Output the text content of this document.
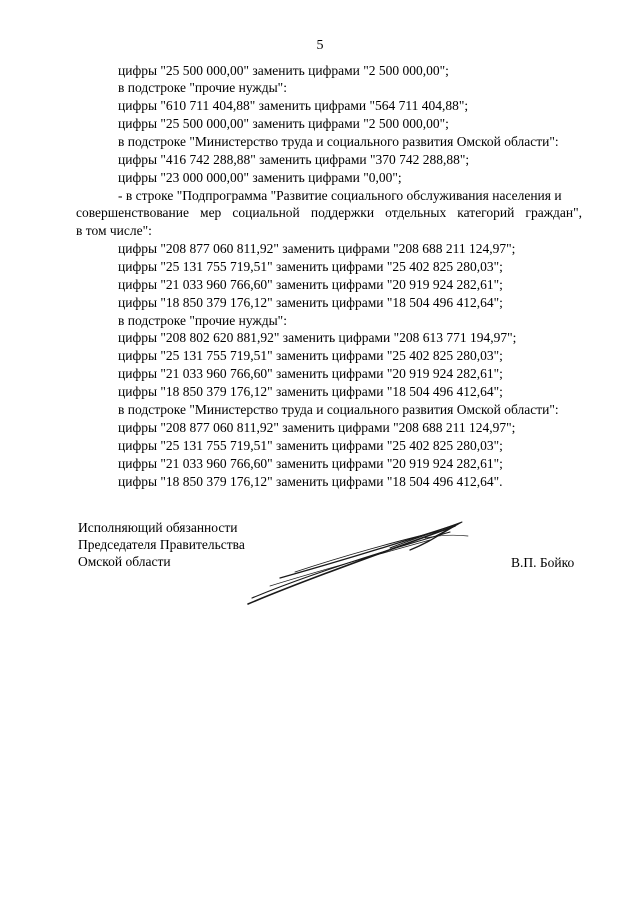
5
цифры "25 500 000,00" заменить цифрами "2 500 000,00";
в подстроке "прочие нужды":
цифры "610 711 404,88" заменить цифрами "564 711 404,88";
цифры "25 500 000,00" заменить цифрами "2 500 000,00";
в подстроке "Министерство труда и социального развития Омской области":
цифры "416 742 288,88" заменить цифрами "370 742 288,88";
цифры "23 000 000,00" заменить цифрами "0,00";
- в строке "Подпрограмма "Развитие социального обслуживания населения и
совершенствование мер социальной поддержки отдельных категорий граждан",
в том числе":
цифры "208 877 060 811,92" заменить цифрами "208 688 211 124,97";
цифры "25 131 755 719,51" заменить цифрами "25 402 825 280,03";
цифры "21 033 960 766,60" заменить цифрами "20 919 924 282,61";
цифры "18 850 379 176,12" заменить цифрами "18 504 496 412,64";
в подстроке "прочие нужды":
цифры "208 802 620 881,92" заменить цифрами "208 613 771 194,97";
цифры "25 131 755 719,51" заменить цифрами "25 402 825 280,03";
цифры "21 033 960 766,60" заменить цифрами "20 919 924 282,61";
цифры "18 850 379 176,12" заменить цифрами "18 504 496 412,64";
в подстроке "Министерство труда и социального развития Омской области":
цифры "208 877 060 811,92" заменить цифрами "208 688 211 124,97";
цифры "25 131 755 719,51" заменить цифрами "25 402 825 280,03";
цифры "21 033 960 766,60" заменить цифрами "20 919 924 282,61";
цифры "18 850 379 176,12" заменить цифрами "18 504 496 412,64".
Исполняющий обязанности
Председателя Правительства
Омской области	В.П. Бойко
